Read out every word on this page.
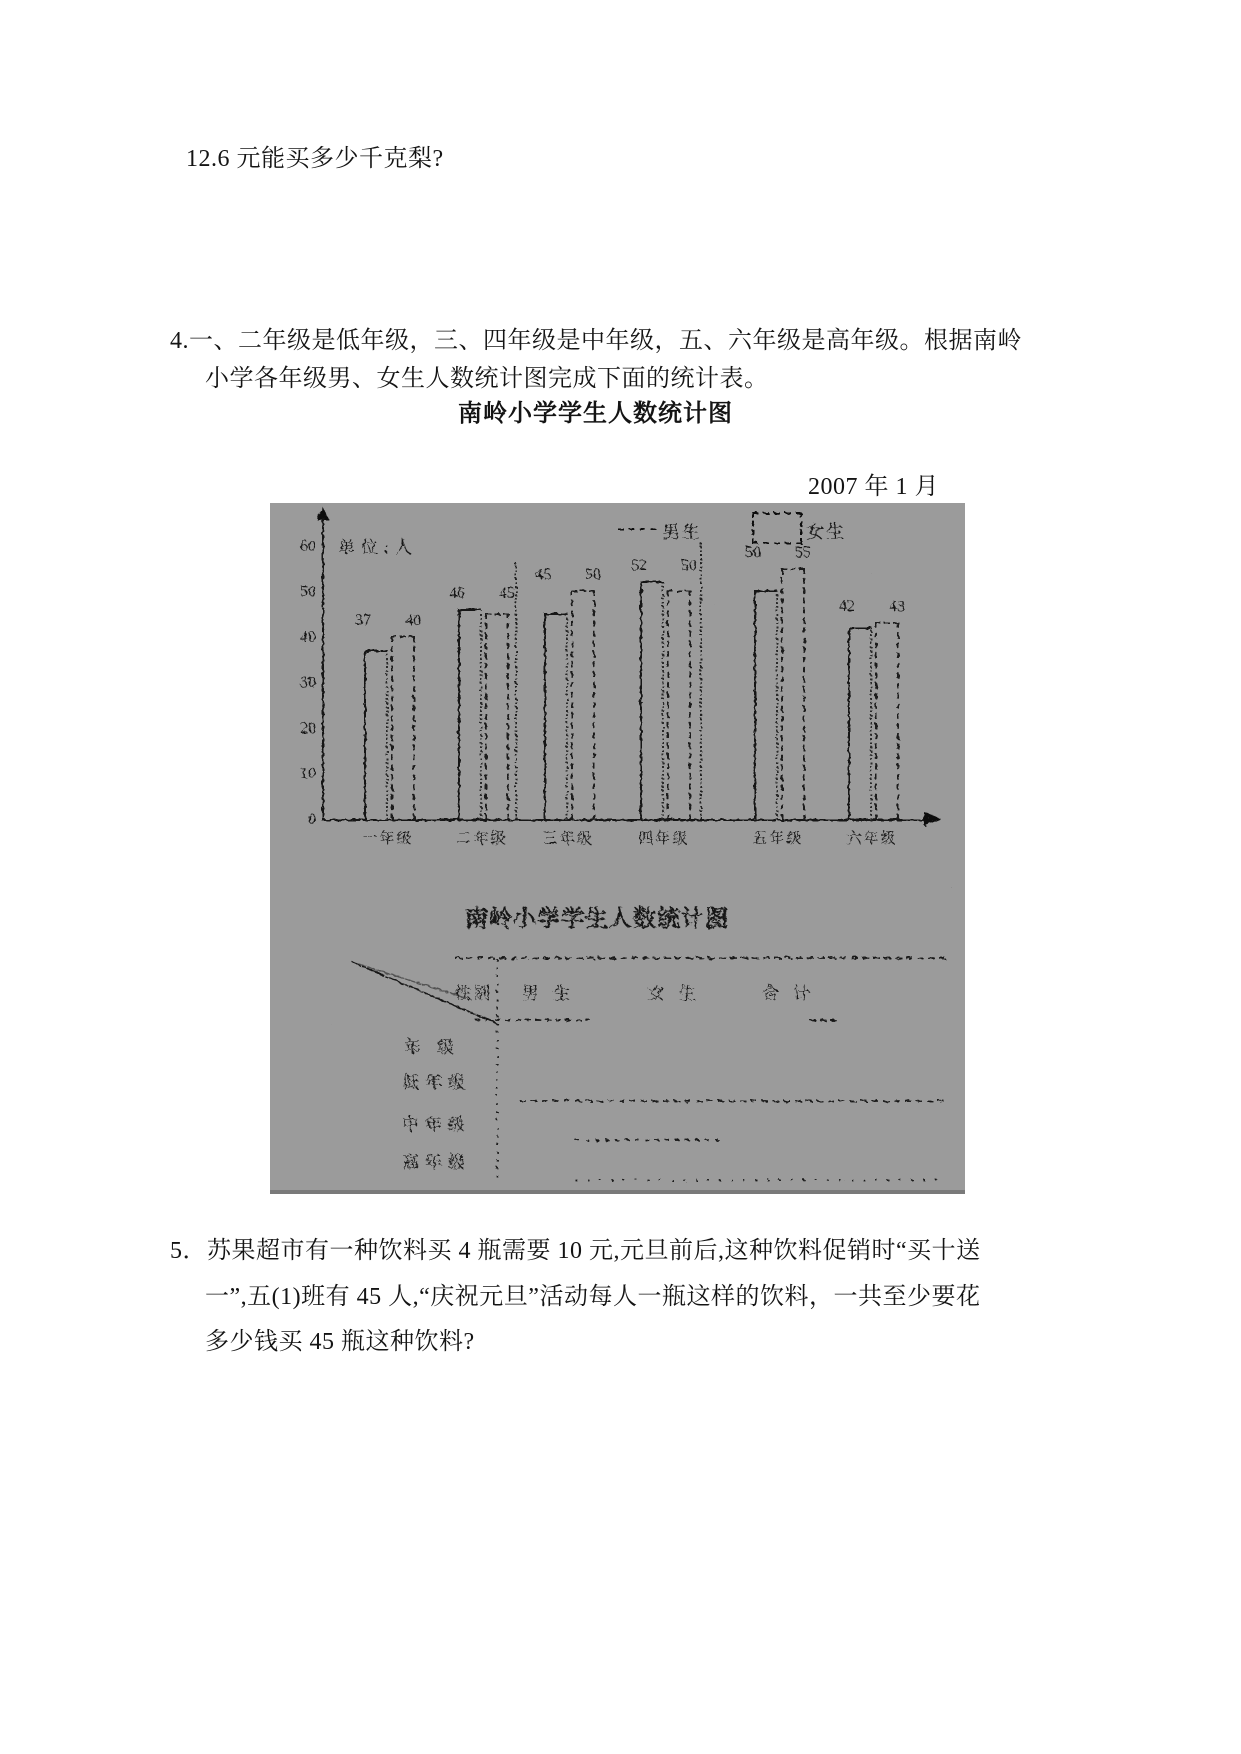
12.6 元能买多少千克梨?
4.一、二年级是低年级，三、四年级是中年级，五、六年级是高年级。根据南岭
小学各年级男、女生人数统计图完成下面的统计表。
南岭小学学生人数统计图
2007 年 1 月
单位:人
60
50
40
30
20
10
0
男生	女生
37 40
一年级
46 45
二年级
45 50
三年级
52 50
四年级
50 55
五年级
42 43
六年级
南岭小学学生人数统计图
性别
年级
男生	女生	合计
低年级
中年级
高年级
5．苏果超市有一种饮料买 4 瓶需要 10 元,元旦前后,这种饮料促销时“买十送
一”,五(1)班有 45 人,“庆祝元旦”活动每人一瓶这样的饮料，一共至少要花
多少钱买 45 瓶这种饮料?
